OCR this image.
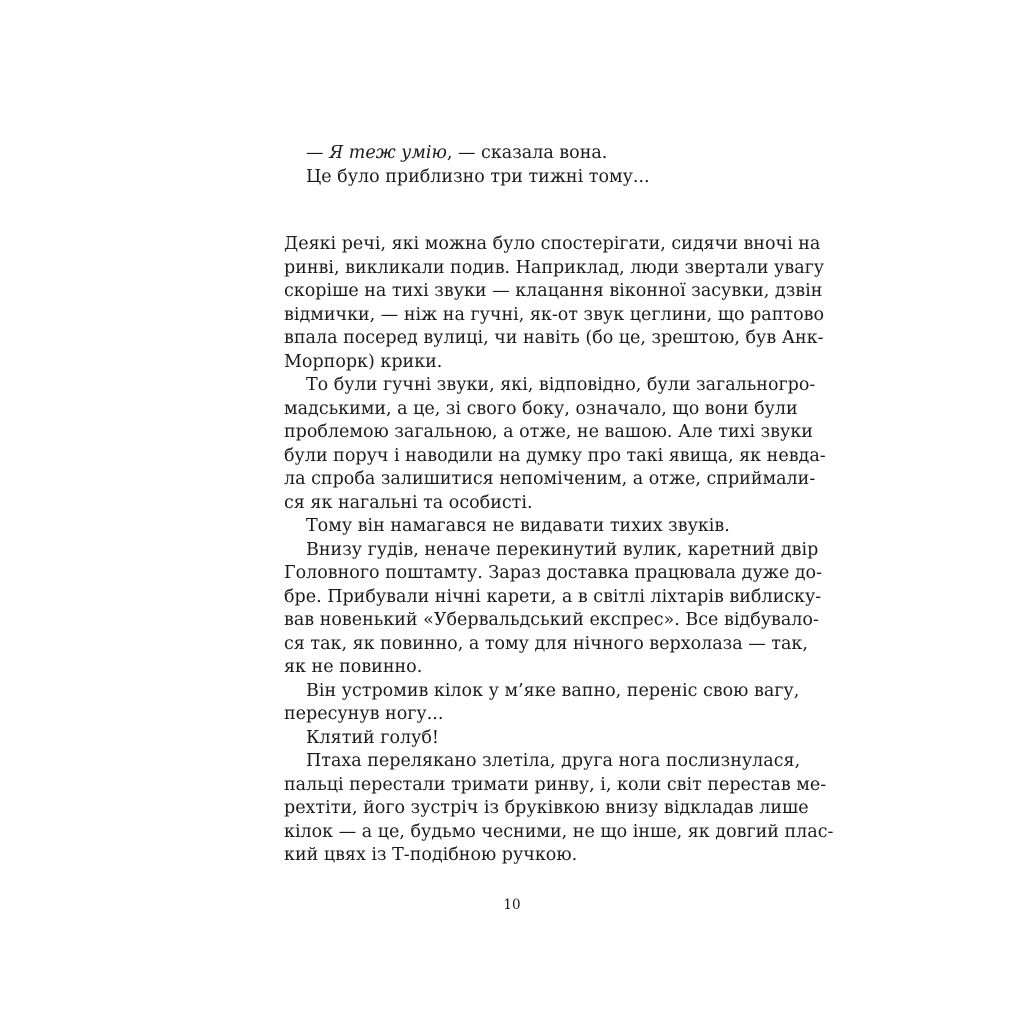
— Я теж умію, — сказала вона.
Це було приблизно три тижні тому...
Деякі речі, які можна було спостерігати, сидячи вночі на
ринві, викликали подив. Наприклад, люди звертали увагу
скоріше на тихі звуки — клацання віконної засувки, дзвін
відмички, — ніж на гучні, як-от звук цеглини, що раптово
впала посеред вулиці, чи навіть (бо це, зрештою, був Анк-
Морпорк) крики.
То були гучні звуки, які, відповідно, були загальногро-
мадськими, а це, зі свого боку, означало, що вони були
проблемою загальною, а отже, не вашою. Але тихі звуки
були поруч і наводили на думку про такі явища, як невда-
ла спроба залишитися непоміченим, а отже, сприймали-
ся як нагальні та особисті.
Тому він намагався не видавати тихих звуків.
Внизу гудів, неначе перекинутий вулик, каретний двір
Головного поштамту. Зараз доставка працювала дуже до-
бре. Прибували нічні карети, а в світлі ліхтарів виблиску-
вав новенький «Убервальдський експрес». Все відбувало-
ся так, як повинно, а тому для нічного верхолаза — так,
як не повинно.
Він устромив кілок у м’яке вапно, переніс свою вагу,
пересунув ногу...
Клятий голуб!
Птаха перелякано злетіла, друга нога послизнулася,
пальці перестали тримати ринву, і, коли світ перестав ме-
рехтіти, його зустріч із бруківкою внизу відкладав лише
кілок — а це, будьмо чесними, не що інше, як довгий плас-
кий цвях із Т-подібною ручкою.
10
